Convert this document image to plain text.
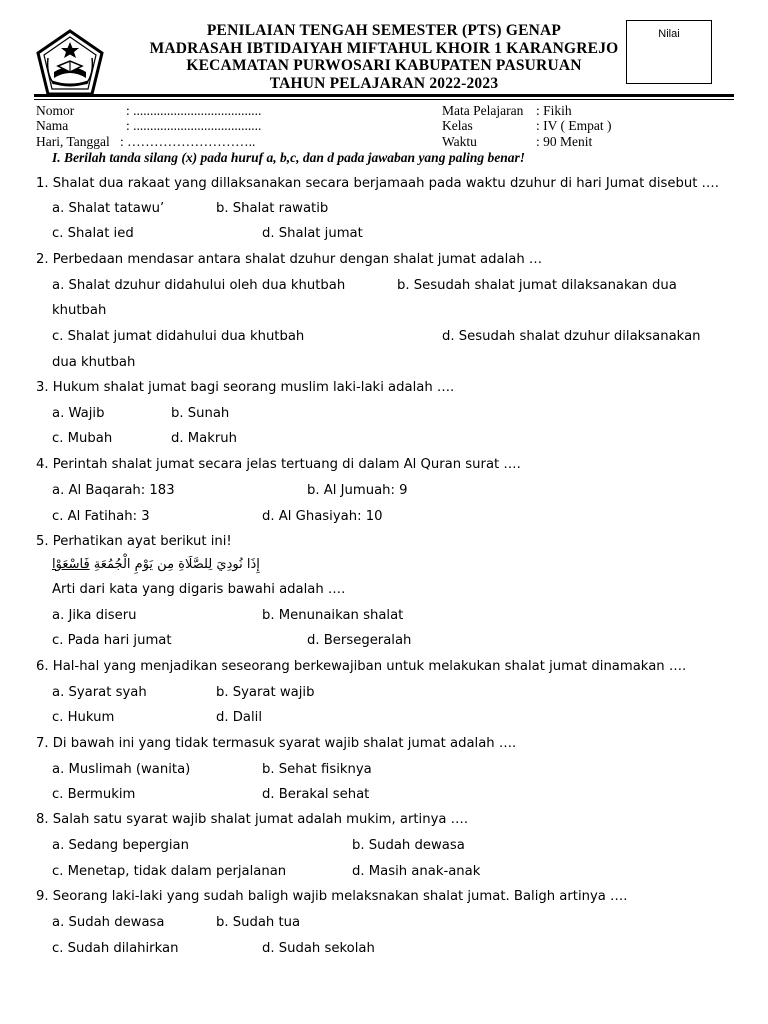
PENILAIAN TENGAH SEMESTER (PTS) GENAP
MADRASAH IBTIDAIYAH MIFTAHUL KHOIR 1 KARANGREJO
KECAMATAN PURWOSARI KABUPATEN PASURUAN
TAHUN PELAJARAN 2022-2023
Nilai
Nomor	: ......................................
Nama	: ......................................
Hari, Tanggal : ………………………..
Mata Pelajaran : Fikih
Kelas	: IV ( Empat )
Waktu	: 90 Menit
I. Berilah tanda silang (x) pada huruf a, b,c, dan d pada jawaban yang paling benar!
1. Shalat dua rakaat yang dillaksanakan secara berjamaah pada waktu dzuhur di hari Jumat disebut ….
a. Shalat tatawu’	b. Shalat rawatib
c. Shalat ied	d. Shalat jumat
2. Perbedaan mendasar antara shalat dzuhur dengan shalat jumat adalah …
a. Shalat dzuhur didahului oleh dua khutbah	b. Sesudah shalat jumat dilaksanakan dua
khutbah
c. Shalat jumat didahului dua khutbah	d. Sesudah shalat dzuhur dilaksanakan
dua khutbah
3. Hukum shalat jumat bagi seorang muslim laki-laki adalah ….
a. Wajib	b. Sunah
c. Mubah	d. Makruh
4. Perintah shalat jumat secara jelas tertuang di dalam Al Quran surat ….
a. Al Baqarah: 183	b. Al Jumuah: 9
c. Al Fatihah: 3	d. Al Ghasiyah: 10
5. Perhatikan ayat berikut ini!
إِذَا نُودِيَ لِلصَّلَاةِ مِن يَوْمِ الْجُمُعَةِ فَاسْعَوْا
Arti dari kata yang digaris bawahi adalah ….
a. Jika diseru	b. Menunaikan shalat
c. Pada hari jumat	d. Bersegeralah
6. Hal-hal yang menjadikan seseorang berkewajiban untuk melakukan shalat jumat dinamakan ….
a. Syarat syah	b. Syarat wajib
c. Hukum	d. Dalil
7. Di bawah ini yang tidak termasuk syarat wajib shalat jumat adalah ….
a. Muslimah (wanita)	b. Sehat fisiknya
c. Bermukim	d. Berakal sehat
8. Salah satu syarat wajib shalat jumat adalah mukim, artinya ….
a. Sedang bepergian	b. Sudah dewasa
c. Menetap, tidak dalam perjalanan	d. Masih anak-anak
9. Seorang laki-laki yang sudah baligh wajib melaksnakan shalat jumat. Baligh artinya ….
a. Sudah dewasa	b. Sudah tua
c. Sudah dilahirkan	d. Sudah sekolah
